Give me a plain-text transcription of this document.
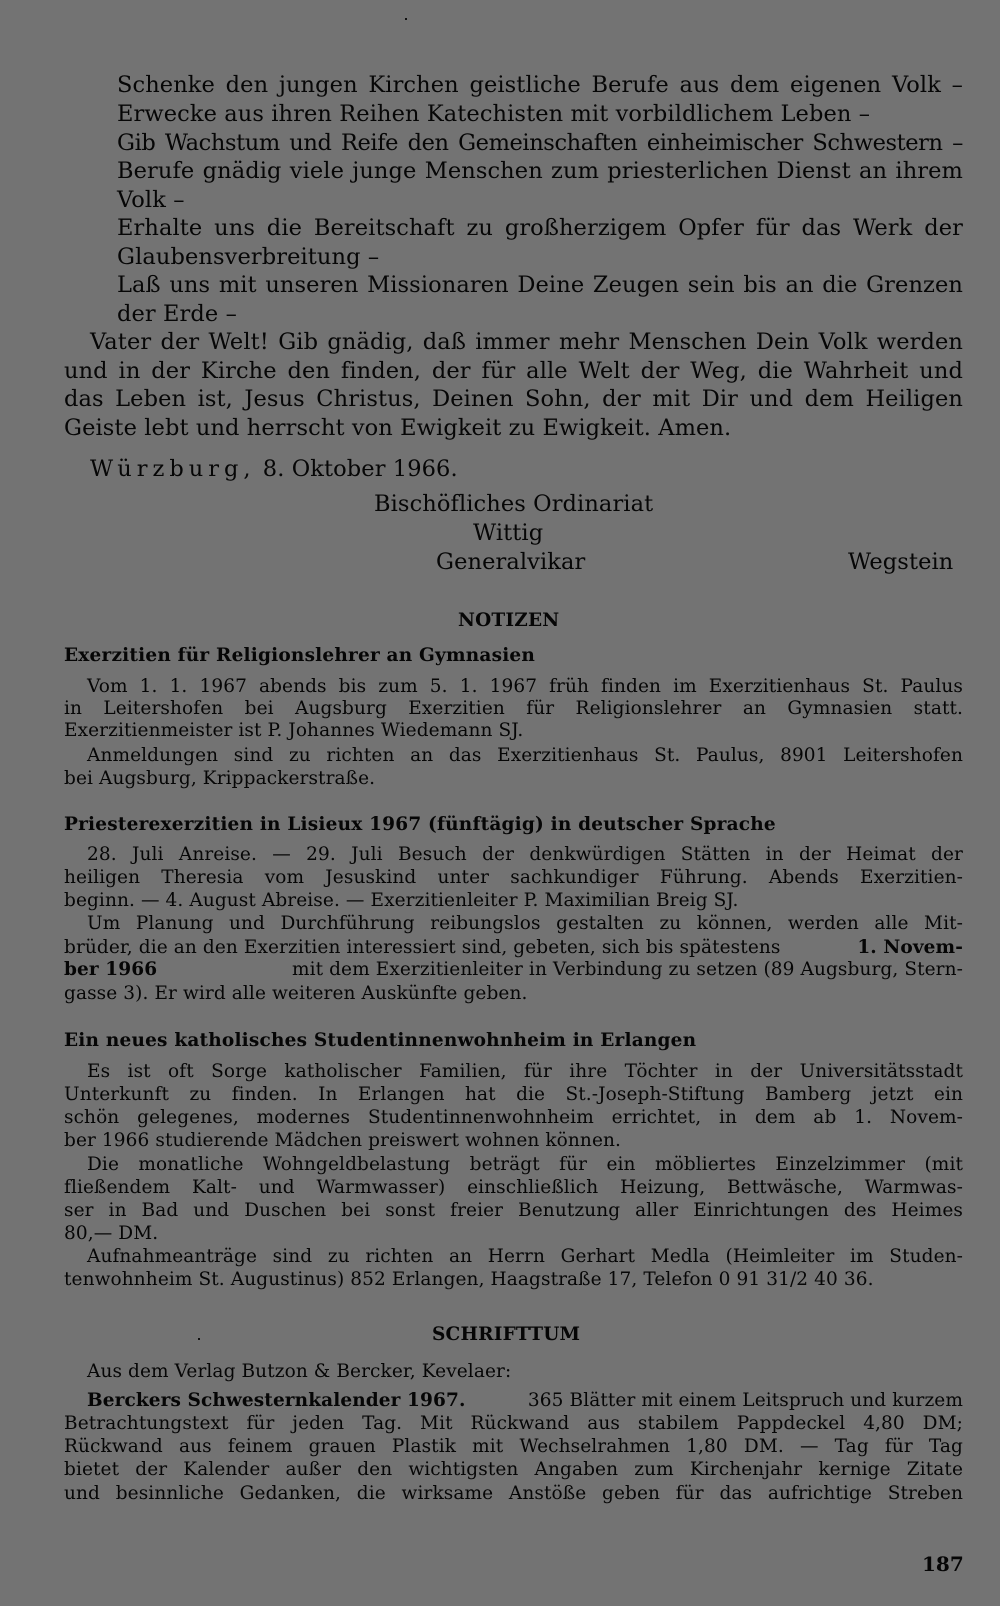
Schenke den jungen Kirchen geistliche Berufe aus dem eigenen Volk –
Erwecke aus ihren Reihen Katechisten mit vorbildlichem Leben –
Gib Wachstum und Reife den Gemeinschaften einheimischer Schwestern –
Berufe gnädig viele junge Menschen zum priesterlichen Dienst an ihrem
Volk –
Erhalte uns die Bereitschaft zu großherzigem Opfer für das Werk der
Glaubensverbreitung –
Laß uns mit unseren Missionaren Deine Zeugen sein bis an die Grenzen
der Erde –
Vater der Welt! Gib gnädig, daß immer mehr Menschen Dein Volk werden
und in der Kirche den finden, der für alle Welt der Weg, die Wahrheit und
das Leben ist, Jesus Christus, Deinen Sohn, der mit Dir und dem Heiligen
Geiste lebt und herrscht von Ewigkeit zu Ewigkeit. Amen.
Würzburg, 8. Oktober 1966.
Bischöfliches Ordinariat
Wittig
Generalvikar	Wegstein
NOTIZEN
Exerzitien für Religionslehrer an Gymnasien
Vom 1. 1. 1967 abends bis zum 5. 1. 1967 früh finden im Exerzitienhaus St. Paulus
in Leitershofen bei Augsburg Exerzitien für Religionslehrer an Gymnasien statt.
Exerzitienmeister ist P. Johannes Wiedemann SJ.
Anmeldungen sind zu richten an das Exerzitienhaus St. Paulus, 8901 Leitershofen
bei Augsburg, Krippackerstraße.
Priesterexerzitien in Lisieux 1967 (fünftägig) in deutscher Sprache
28. Juli Anreise. — 29. Juli Besuch der denkwürdigen Stätten in der Heimat der
heiligen Theresia vom Jesuskind unter sachkundiger Führung. Abends Exerzitien-
beginn. — 4. August Abreise. — Exerzitienleiter P. Maximilian Breig SJ.
Um Planung und Durchführung reibungslos gestalten zu können, werden alle Mit-
brüder, die an den Exerzitien interessiert sind, gebeten, sich bis spätestens	1. Novem-
ber 1966	mit dem Exerzitienleiter in Verbindung zu setzen (89 Augsburg, Stern-
gasse 3). Er wird alle weiteren Auskünfte geben.
Ein neues katholisches Studentinnenwohnheim in Erlangen
Es ist oft Sorge katholischer Familien, für ihre Töchter in der Universitätsstadt
Unterkunft zu finden. In Erlangen hat die St.-Joseph-Stiftung Bamberg jetzt ein
schön gelegenes, modernes Studentinnenwohnheim errichtet, in dem ab 1. Novem-
ber 1966 studierende Mädchen preiswert wohnen können.
Die monatliche Wohngeldbelastung beträgt für ein möbliertes Einzelzimmer (mit
fließendem Kalt- und Warmwasser) einschließlich Heizung, Bettwäsche, Warmwas-
ser in Bad und Duschen bei sonst freier Benutzung aller Einrichtungen des Heimes
80,— DM.
Aufnahmeanträge sind zu richten an Herrn Gerhart Medla (Heimleiter im Studen-
tenwohnheim St. Augustinus) 852 Erlangen, Haagstraße 17, Telefon 0 91 31/2 40 36.
SCHRIFTTUM
Aus dem Verlag Butzon & Bercker, Kevelaer:
Berckers Schwesternkalender 1967.	365 Blätter mit einem Leitspruch und kurzem
Betrachtungstext für jeden Tag. Mit Rückwand aus stabilem Pappdeckel 4,80 DM;
Rückwand aus feinem grauen Plastik mit Wechselrahmen 1,80 DM. — Tag für Tag
bietet der Kalender außer den wichtigsten Angaben zum Kirchenjahr kernige Zitate
und besinnliche Gedanken, die wirksame Anstöße geben für das aufrichtige Streben
187
